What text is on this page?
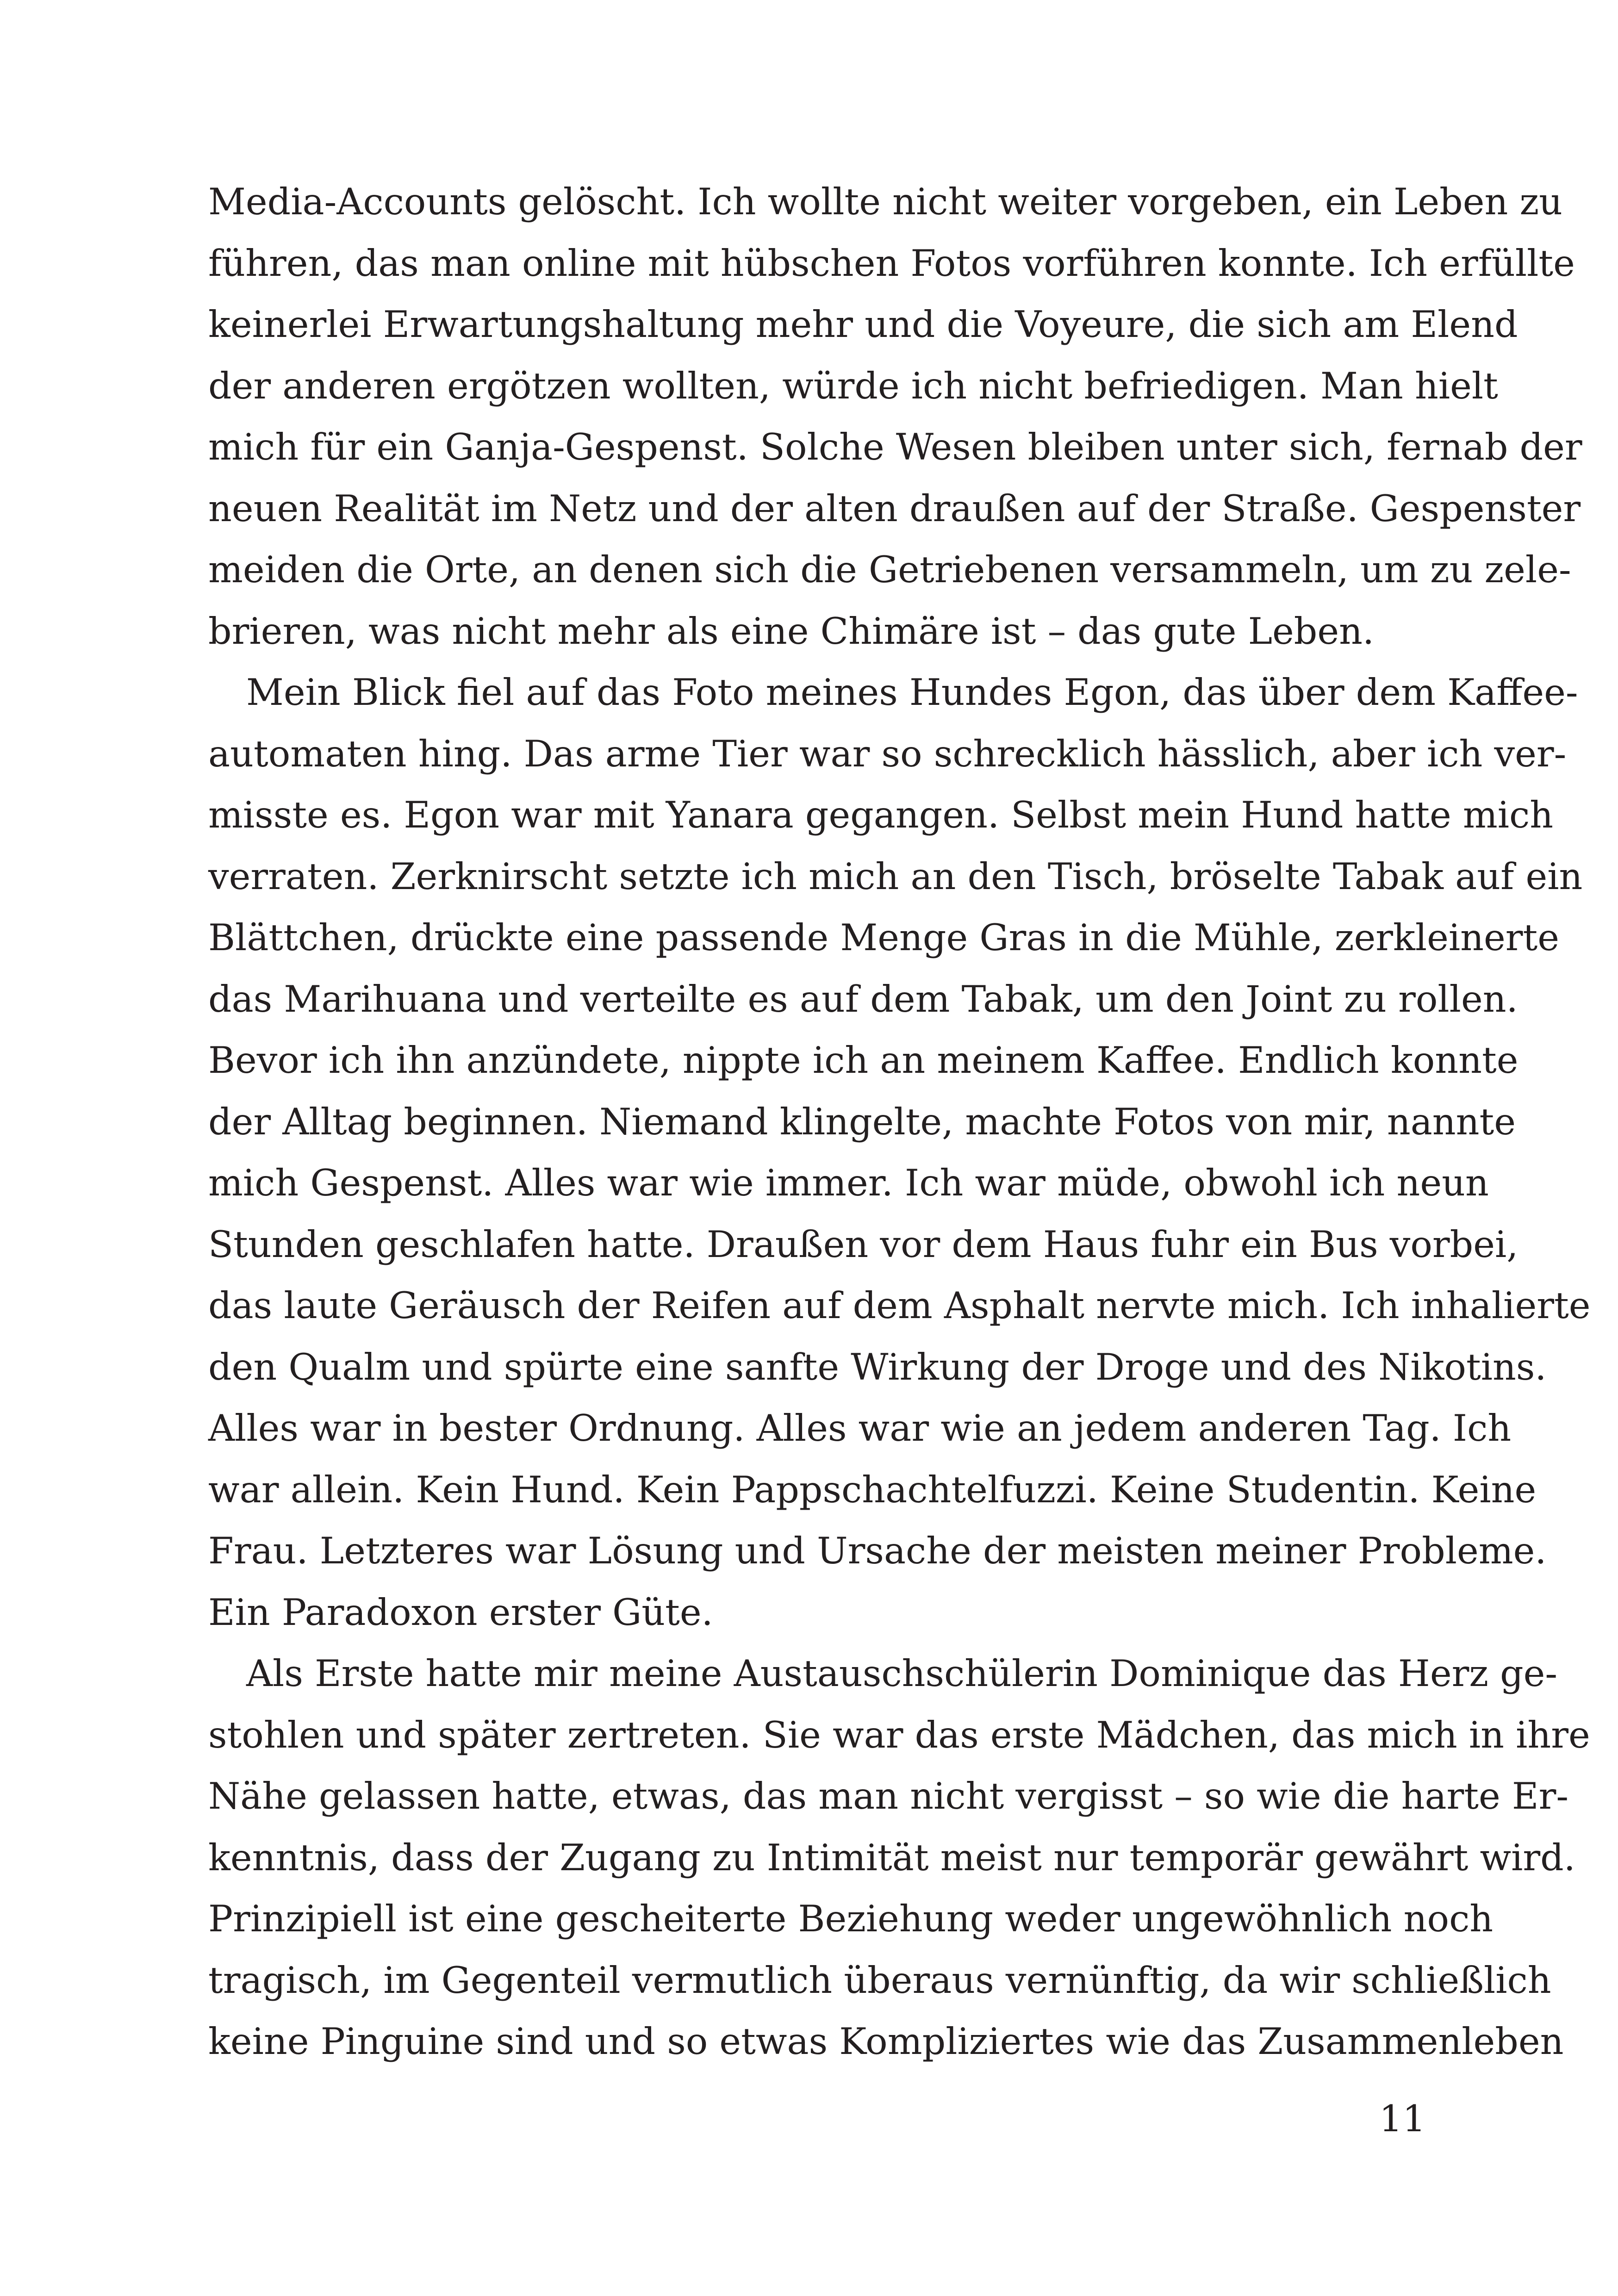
Media-Accounts gelöscht. Ich wollte nicht weiter vorgeben, ein Leben zu
führen, das man online mit hübschen Fotos vorführen konnte. Ich erfüllte
keinerlei Erwartungshaltung mehr und die Voyeure, die sich am Elend
der anderen ergötzen wollten, würde ich nicht befriedigen. Man hielt
mich für ein Ganja-Gespenst. Solche Wesen bleiben unter sich, fernab der
neuen Realität im Netz und der alten draußen auf der Straße. Gespenster
meiden die Orte, an denen sich die Getriebenen versammeln, um zu zele-
brieren, was nicht mehr als eine Chimäre ist – das gute Leben.
Mein Blick fiel auf das Foto meines Hundes Egon, das über dem Kaffee-
automaten hing. Das arme Tier war so schrecklich hässlich, aber ich ver-
misste es. Egon war mit Yanara gegangen. Selbst mein Hund hatte mich
verraten. Zerknirscht setzte ich mich an den Tisch, bröselte Tabak auf ein
Blättchen, drückte eine passende Menge Gras in die Mühle, zerkleinerte
das Marihuana und verteilte es auf dem Tabak, um den Joint zu rollen.
Bevor ich ihn anzündete, nippte ich an meinem Kaffee. Endlich konnte
der Alltag beginnen. Niemand klingelte, machte Fotos von mir, nannte
mich Gespenst. Alles war wie immer. Ich war müde, obwohl ich neun
Stunden geschlafen hatte. Draußen vor dem Haus fuhr ein Bus vorbei,
das laute Geräusch der Reifen auf dem Asphalt nervte mich. Ich inhalierte
den Qualm und spürte eine sanfte Wirkung der Droge und des Nikotins.
Alles war in bester Ordnung. Alles war wie an jedem anderen Tag. Ich
war allein. Kein Hund. Kein Pappschachtelfuzzi. Keine Studentin. Keine
Frau. Letzteres war Lösung und Ursache der meisten meiner Probleme.
Ein Paradoxon erster Güte.
Als Erste hatte mir meine Austauschschülerin Dominique das Herz ge-
stohlen und später zertreten. Sie war das erste Mädchen, das mich in ihre
Nähe gelassen hatte, etwas, das man nicht vergisst – so wie die harte Er-
kenntnis, dass der Zugang zu Intimität meist nur temporär gewährt wird.
Prinzipiell ist eine gescheiterte Beziehung weder ungewöhnlich noch
tragisch, im Gegenteil vermutlich überaus vernünftig, da wir schließlich
keine Pinguine sind und so etwas Kompliziertes wie das Zusammenleben
11
